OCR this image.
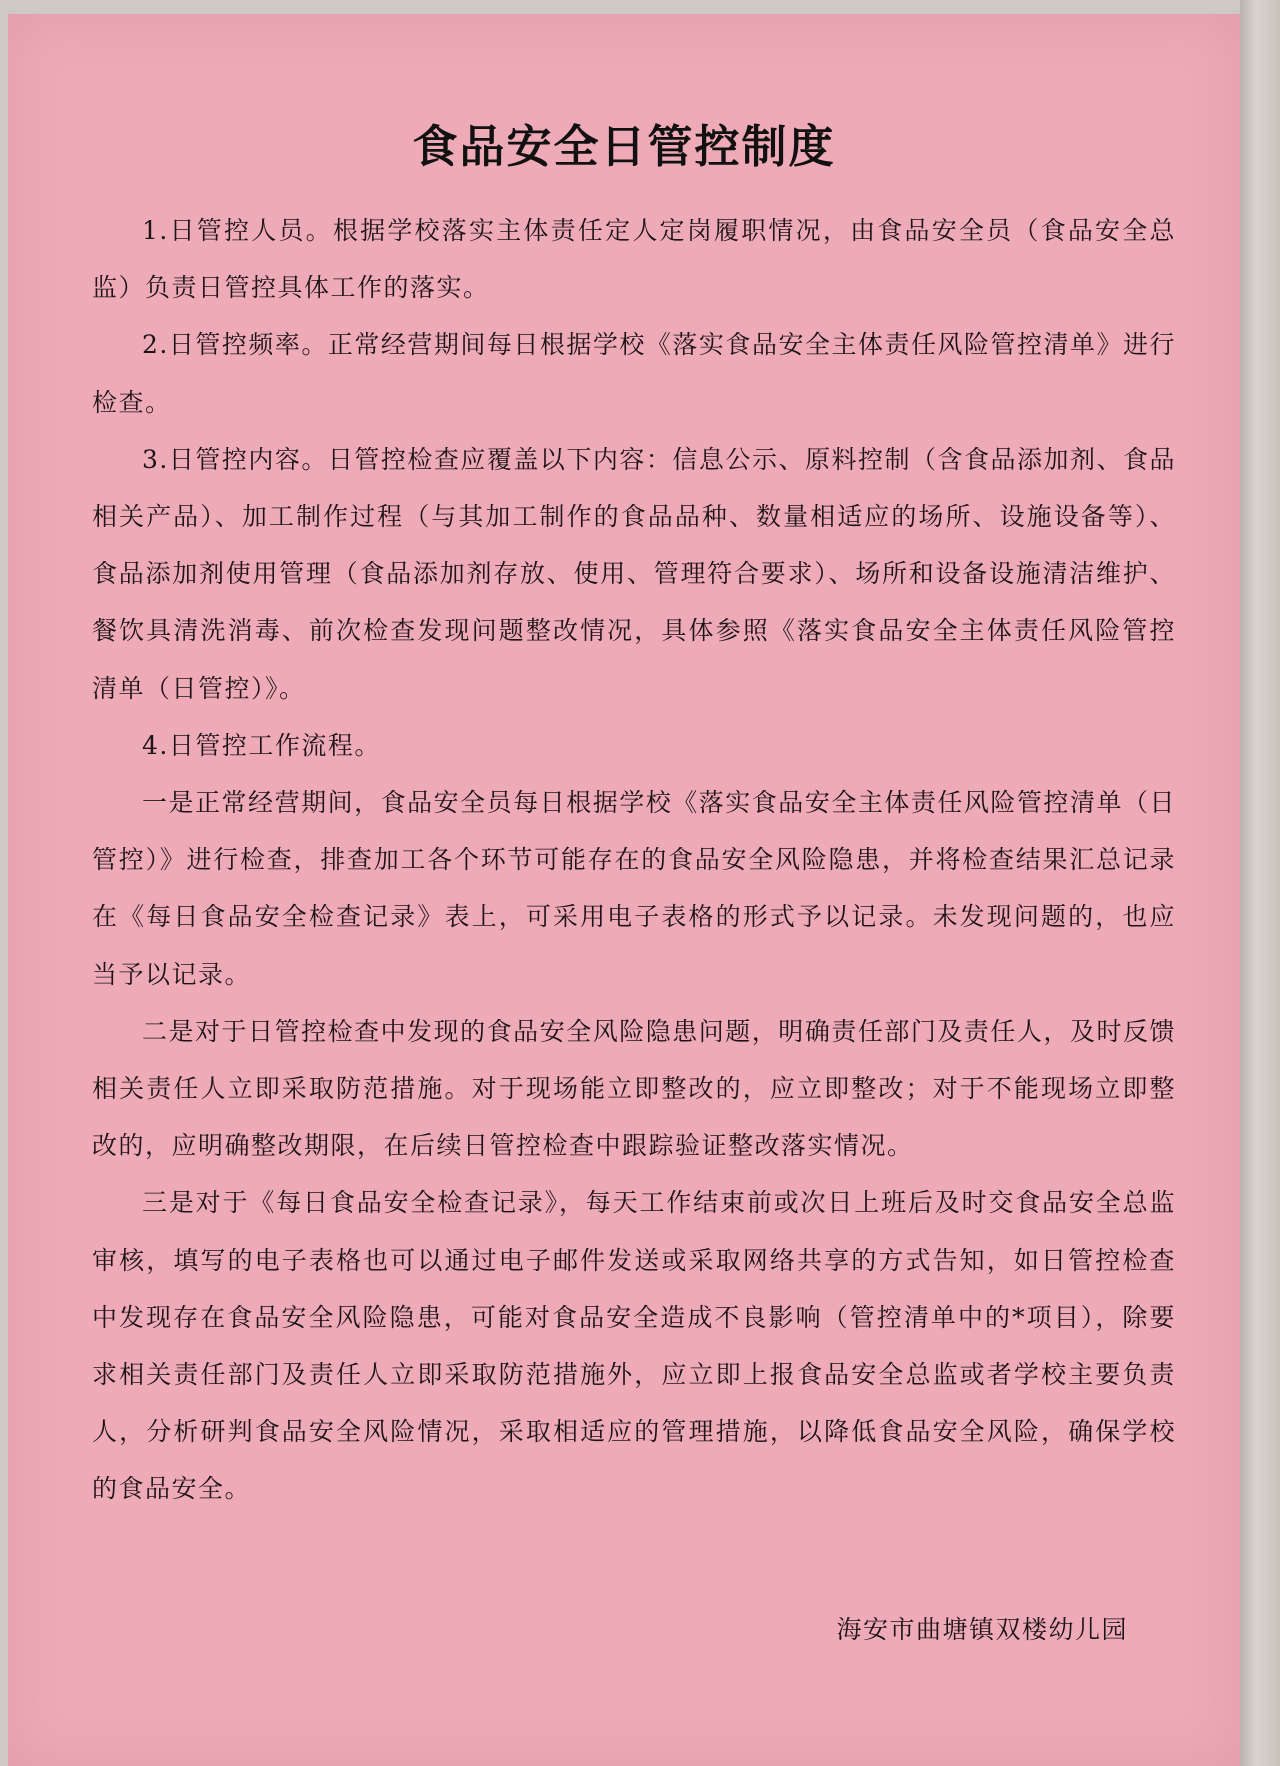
食品安全日管控制度

1.日管控人员。根据学校落实主体责任定人定岗履职情况，由食品安全员（食品安全总监）负责日管控具体工作的落实。

2.日管控频率。正常经营期间每日根据学校《落实食品安全主体责任风险管控清单》进行检查。

3.日管控内容。日管控检查应覆盖以下内容：信息公示、原料控制（含食品添加剂、食品相关产品）、加工制作过程（与其加工制作的食品品种、数量相适应的场所、设施设备等）、食品添加剂使用管理（食品添加剂存放、使用、管理符合要求）、场所和设备设施清洁维护、餐饮具清洗消毒、前次检查发现问题整改情况，具体参照《落实食品安全主体责任风险管控清单（日管控）》。

4.日管控工作流程。

一是正常经营期间，食品安全员每日根据学校《落实食品安全主体责任风险管控清单（日管控）》进行检查，排查加工各个环节可能存在的食品安全风险隐患，并将检查结果汇总记录在《每日食品安全检查记录》表上，可采用电子表格的形式予以记录。未发现问题的，也应当予以记录。

二是对于日管控检查中发现的食品安全风险隐患问题，明确责任部门及责任人，及时反馈相关责任人立即采取防范措施。对于现场能立即整改的，应立即整改；对于不能现场立即整改的，应明确整改期限，在后续日管控检查中跟踪验证整改落实情况。

三是对于《每日食品安全检查记录》，每天工作结束前或次日上班后及时交食品安全总监审核，填写的电子表格也可以通过电子邮件发送或采取网络共享的方式告知，如日管控检查中发现存在食品安全风险隐患，可能对食品安全造成不良影响（管控清单中的*项目），除要求相关责任部门及责任人立即采取防范措施外，应立即上报食品安全总监或者学校主要负责人，分析研判食品安全风险情况，采取相适应的管理措施，以降低食品安全风险，确保学校的食品安全。

海安市曲塘镇双楼幼儿园
